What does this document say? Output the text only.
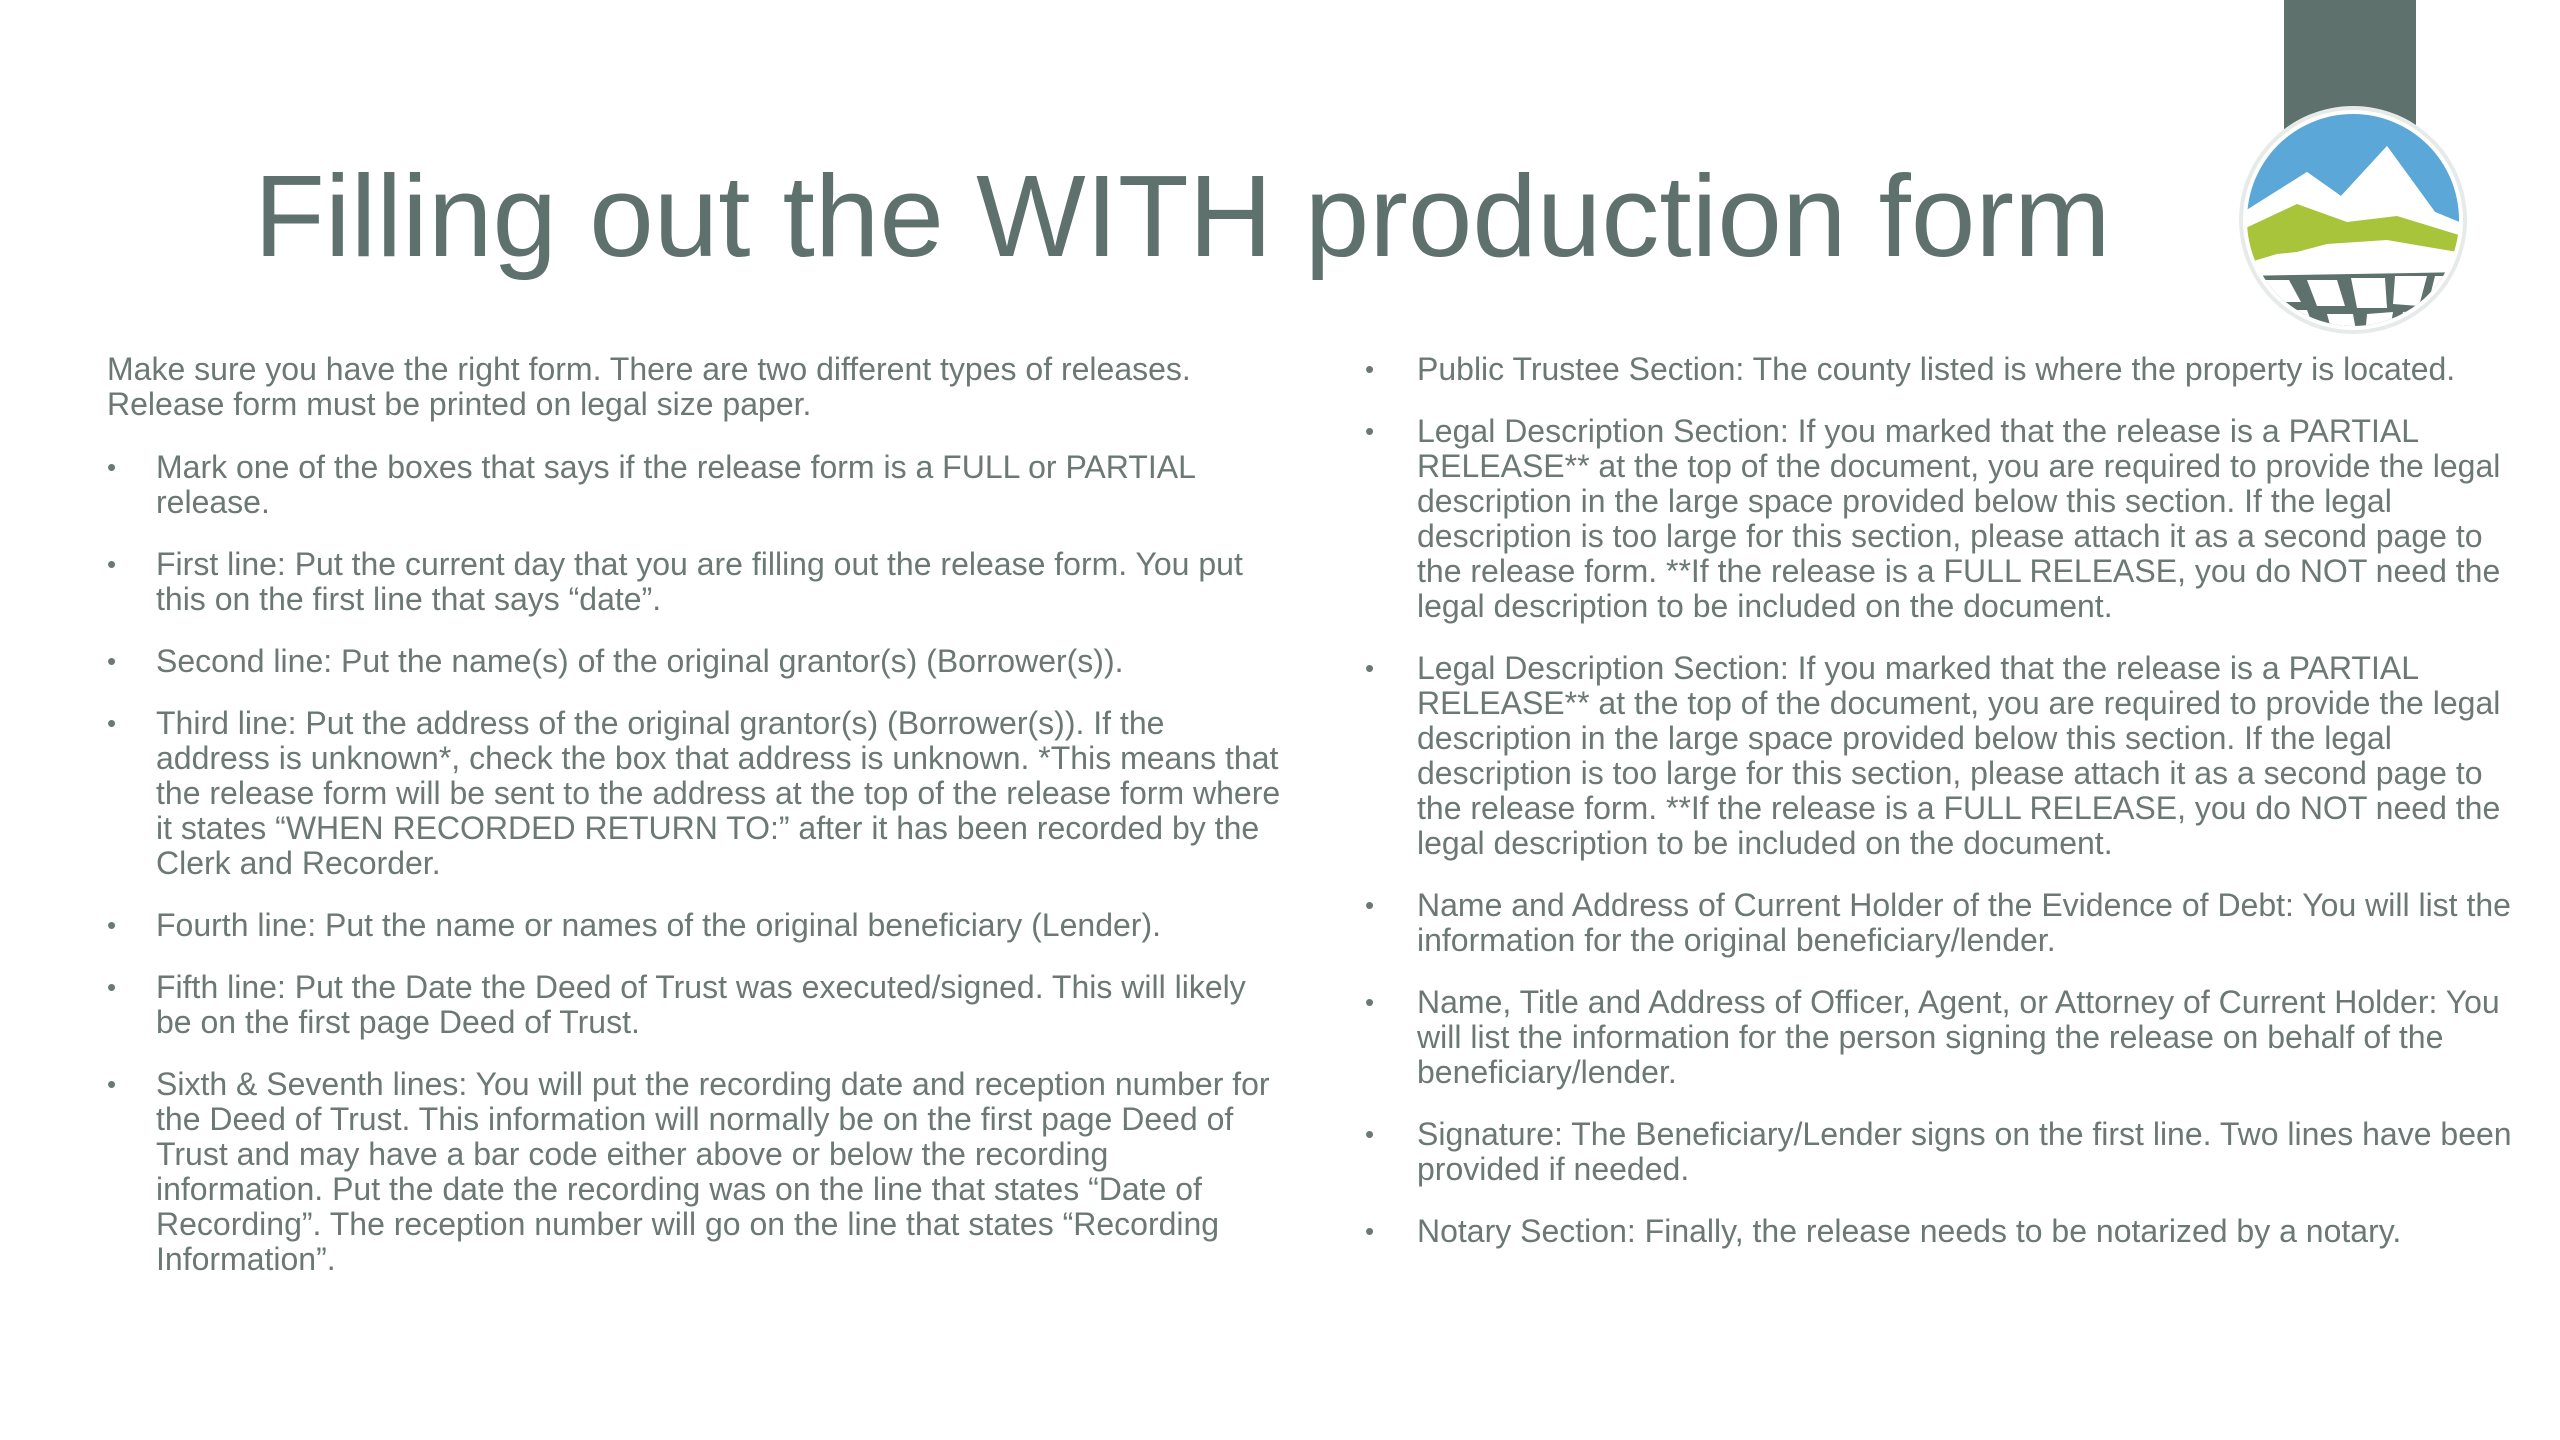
Filling out the WITH production form

Make sure you have the right form. There are two different types of releases. Release form must be printed on legal size paper.

•	Mark one of the boxes that says if the release form is a FULL or PARTIAL release.
•	First line: Put the current day that you are filling out the release form. You put this on the first line that says “date”.
•	Second line: Put the name(s) of the original grantor(s) (Borrower(s)).
•	Third line: Put the address of the original grantor(s) (Borrower(s)). If the address is unknown*, check the box that address is unknown. *This means that the release form will be sent to the address at the top of the release form where it states “WHEN RECORDED RETURN TO:” after it has been recorded by the Clerk and Recorder.
•	Fourth line: Put the name or names of the original beneficiary (Lender).
•	Fifth line: Put the Date the Deed of Trust was executed/signed. This will likely be on the first page Deed of Trust.
•	Sixth & Seventh lines: You will put the recording date and reception number for the Deed of Trust. This information will normally be on the first page Deed of Trust and may have a bar code either above or below the recording information. Put the date the recording was on the line that states “Date of Recording”. The reception number will go on the line that states “Recording Information”.
•	Public Trustee Section: The county listed is where the property is located.
•	Legal Description Section: If you marked that the release is a PARTIAL RELEASE** at the top of the document, you are required to provide the legal description in the large space provided below this section. If the legal description is too large for this section, please attach it as a second page to the release form. **If the release is a FULL RELEASE, you do NOT need the legal description to be included on the document.
•	Legal Description Section: If you marked that the release is a PARTIAL RELEASE** at the top of the document, you are required to provide the legal description in the large space provided below this section. If the legal description is too large for this section, please attach it as a second page to the release form. **If the release is a FULL RELEASE, you do NOT need the legal description to be included on the document.
•	Name and Address of Current Holder of the Evidence of Debt: You will list the information for the original beneficiary/lender.
•	Name, Title and Address of Officer, Agent, or Attorney of Current Holder: You will list the information for the person signing the release on behalf of the beneficiary/lender.
•	Signature: The Beneficiary/Lender signs on the first line. Two lines have been provided if needed.
•	Notary Section: Finally, the release needs to be notarized by a notary.
